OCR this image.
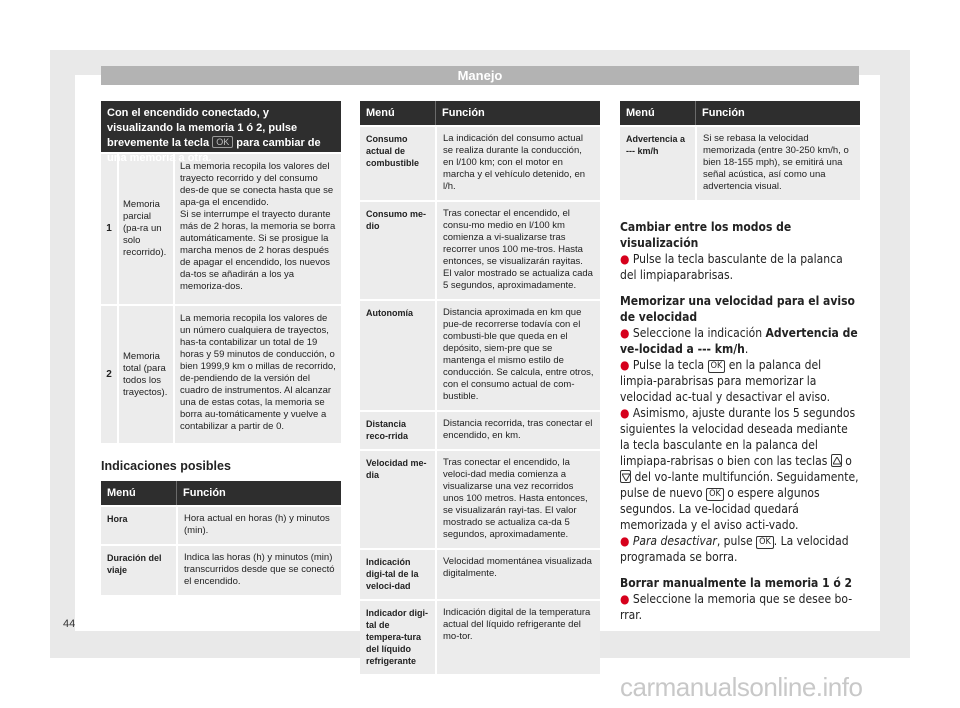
Manejo
Con el encendido conectado, y visualizando la memoria 1 ó 2, pulse brevemente la tecla OK para cambiar de una memoria a otra.
1	Memoria parcial (pa-ra un solo recorrido).	La memoria recopila los valores del trayecto recorrido y del consumo des-de que se conecta hasta que se apa-ga el encendido.
Si se interrumpe el trayecto durante más de 2 horas, la memoria se borra automáticamente. Si se prosigue la marcha menos de 2 horas después de apagar el encendido, los nuevos da-tos se añadirán a los ya memoriza-dos.
2	Memoria total (para todos los trayectos).	La memoria recopila los valores de un número cualquiera de trayectos, has-ta contabilizar un total de 19 horas y 59 minutos de conducción, o bien 1999,9 km o millas de recorrido, de-pendiendo de la versión del cuadro de instrumentos. Al alcanzar una de estas cotas, la memoria se borra au-tomáticamente y vuelve a contabilizar a partir de 0.
Indicaciones posibles
Menú	Función
Hora	Hora actual en horas (h) y minutos (min).
Duración del viaje	Indica las horas (h) y minutos (min) transcurridos desde que se conectó el encendido.
Menú	Función
Consumo actual de combustible	La indicación del consumo actual se realiza durante la conducción, en l/100 km; con el motor en marcha y el vehículo detenido, en l/h.
Consumo me-dio	Tras conectar el encendido, el consu-mo medio en l/100 km comienza a vi-sualizarse tras recorrer unos 100 me-tros. Hasta entonces, se visualizarán rayitas. El valor mostrado se actualiza cada 5 segundos, aproximadamente.
Autonomía	Distancia aproximada en km que pue-de recorrerse todavía con el combusti-ble que queda en el depósito, siem-pre que se mantenga el mismo estilo de conducción. Se calcula, entre otros, con el consumo actual de com-bustible.
Distancia reco-rrida	Distancia recorrida, tras conectar el encendido, en km.
Velocidad me-dia	Tras conectar el encendido, la veloci-dad media comienza a visualizarse una vez recorridos unos 100 metros. Hasta entonces, se visualizarán rayi-tas. El valor mostrado se actualiza ca-da 5 segundos, aproximadamente.
Indicación digi-tal de la veloci-dad	Velocidad momentánea visualizada digitalmente.
Indicador digi-tal de tempera-tura del líquido refrigerante	Indicación digital de la temperatura actual del líquido refrigerante del mo-tor.
Menú	Función
Advertencia a --- km/h	Si se rebasa la velocidad memorizada (entre 30-250 km/h, o bien 18-155 mph), se emitirá una señal acústica, así como una advertencia visual.

Cambiar entre los modos de visualización

● Pulse la tecla basculante de la palanca del limpiaparabrisas.

Memorizar una velocidad para el aviso de velocidad

● Seleccione la indicación Advertencia de ve-locidad a --- km/h.

● Pulse la tecla OK en la palanca del limpia-parabrisas para memorizar la velocidad ac-tual y desactivar el aviso.

● Asimismo, ajuste durante los 5 segundos siguientes la velocidad deseada mediante la tecla basculante en la palanca del limpiapa-rabrisas o bien con las teclas o
del vo-lante multifunción. Seguidamente, pulse de nuevo OK o espere algunos segundos. La ve-locidad quedará memorizada y el aviso acti-vado.

● Para desactivar, pulse OK . La velocidad programada se borra.

Borrar manualmente la memoria 1 ó 2

● Seleccione la memoria que se desee bo-rrar.

44
carmanualsonline.info
